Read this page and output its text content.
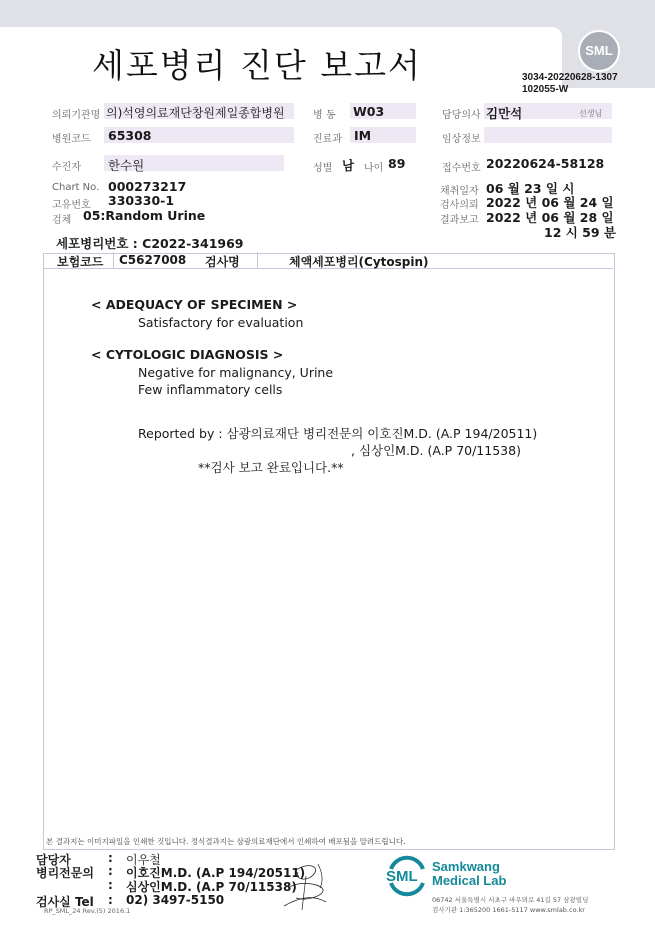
세포병리 진단 보고서	SML
3034-20220628-1307
102055-W
의뢰기관명 의)석영의료재단창원제일종합병원	병 동 W03	담당의사 김만석	선생님
병원코드 65308	진료과 IM	임상정보
수진자 한수원	성별 남 나이 89	접수번호 20220624-58128
Chart No. 000273217
고유번호 330330-1
검체 05:Random Urine
채취일자 06 월 23 일 시
검사의뢰 2022 년 06 월 24 일
결과보고 2022 년 06 월 28 일
12 시 59 분
세포병리번호 : C2022-341969
보험코드 C5627008 검사명	체액세포병리(Cytospin)
< ADEQUACY OF SPECIMEN >
Satisfactory for evaluation
< CYTOLOGIC DIAGNOSIS >
Negative for malignancy, Urine
Few inflammatory cells
Reported by : 삼광의료재단 병리전문의 이호진M.D. (A.P 194/20511)
, 심상인M.D. (A.P 70/11538)
**검사 보고 완료입니다.**
본 결과지는 이미지파일을 인쇄한 것입니다. 정식결과지는 삼광의료재단에서 인쇄하여 배포됨을 알려드립니다.
담당자	: 이우철
병리전문의 : 이호진M.D. (A.P 194/20511)
: 심상인M.D. (A.P 70/11538)
검사실 Tel : 02) 3497-5150
RP_SML_24 Rev.(5) 2016.1
SML
Samkwang
Medical Lab
06742 서울특별시 서초구 바우뫼로 41길 57 삼광빌딩
검사기관 1:365200 1661-5117 www.smlab.co.kr
